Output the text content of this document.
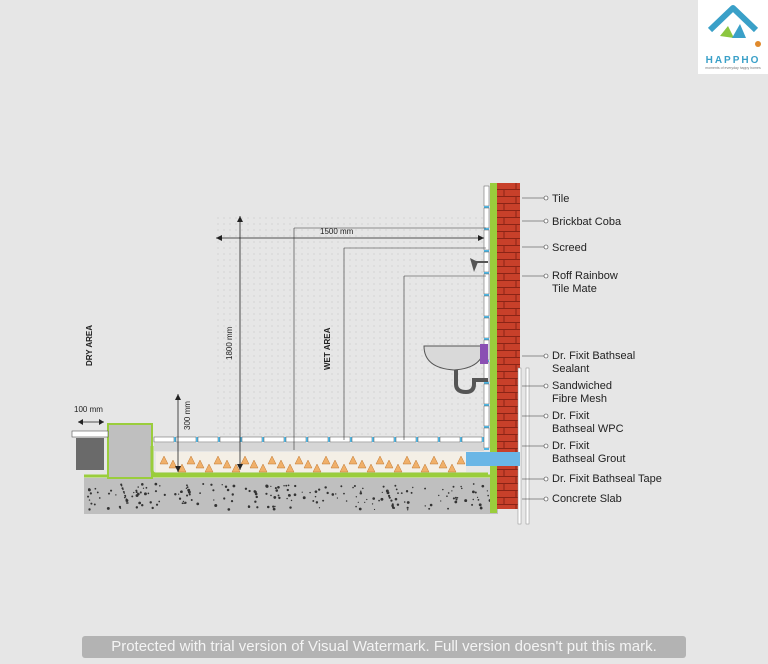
1500 mm
1800 mm
300 mm
100 mm
DRY AREA	WET AREA
HAPPHO
moments of everyday happy homes
Tile
Brickbat Coba
Screed
Roff Rainbow
Tile Mate
Dr. Fixit Bathseal
Sealant
Sandwiched
Fibre Mesh
Dr. Fixit
Bathseal WPC
Dr. Fixit
Bathseal Grout
Dr. Fixit Bathseal Tape
Concrete Slab
Protected with trial version of Visual Watermark. Full version doesn't put this mark.
